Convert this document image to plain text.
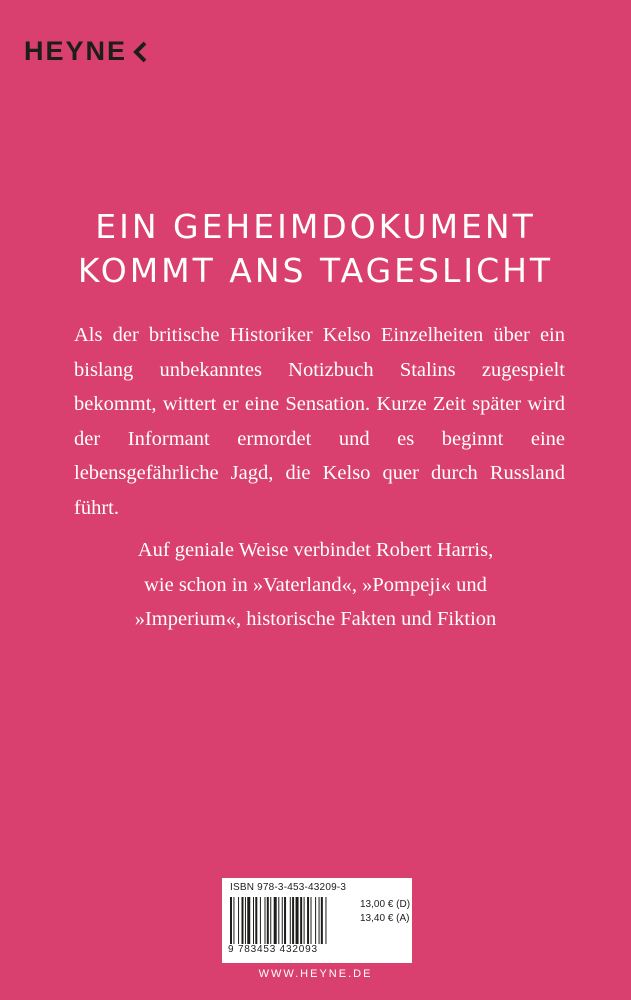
HEYNE
EIN GEHEIMDOKUMENT
KOMMT ANS TAGESLICHT

Als der britische Historiker Kelso Einzelheiten über ein bislang unbekanntes Notizbuch Stalins zugespielt bekommt, wittert er eine Sensation. Kurze Zeit später wird der Informant ermordet und es beginnt eine lebensgefährliche Jagd, die Kelso quer durch Russland führt.

Auf geniale Weise verbindet Robert Harris,
wie schon in »Vaterland«, »Pompeji« und
»Imperium«, historische Fakten und Fiktion

ISBN 978-3-453-43209-3
9 783453 432093
13,00 € (D)
13,40 € (A)
WWW.HEYNE.DE
